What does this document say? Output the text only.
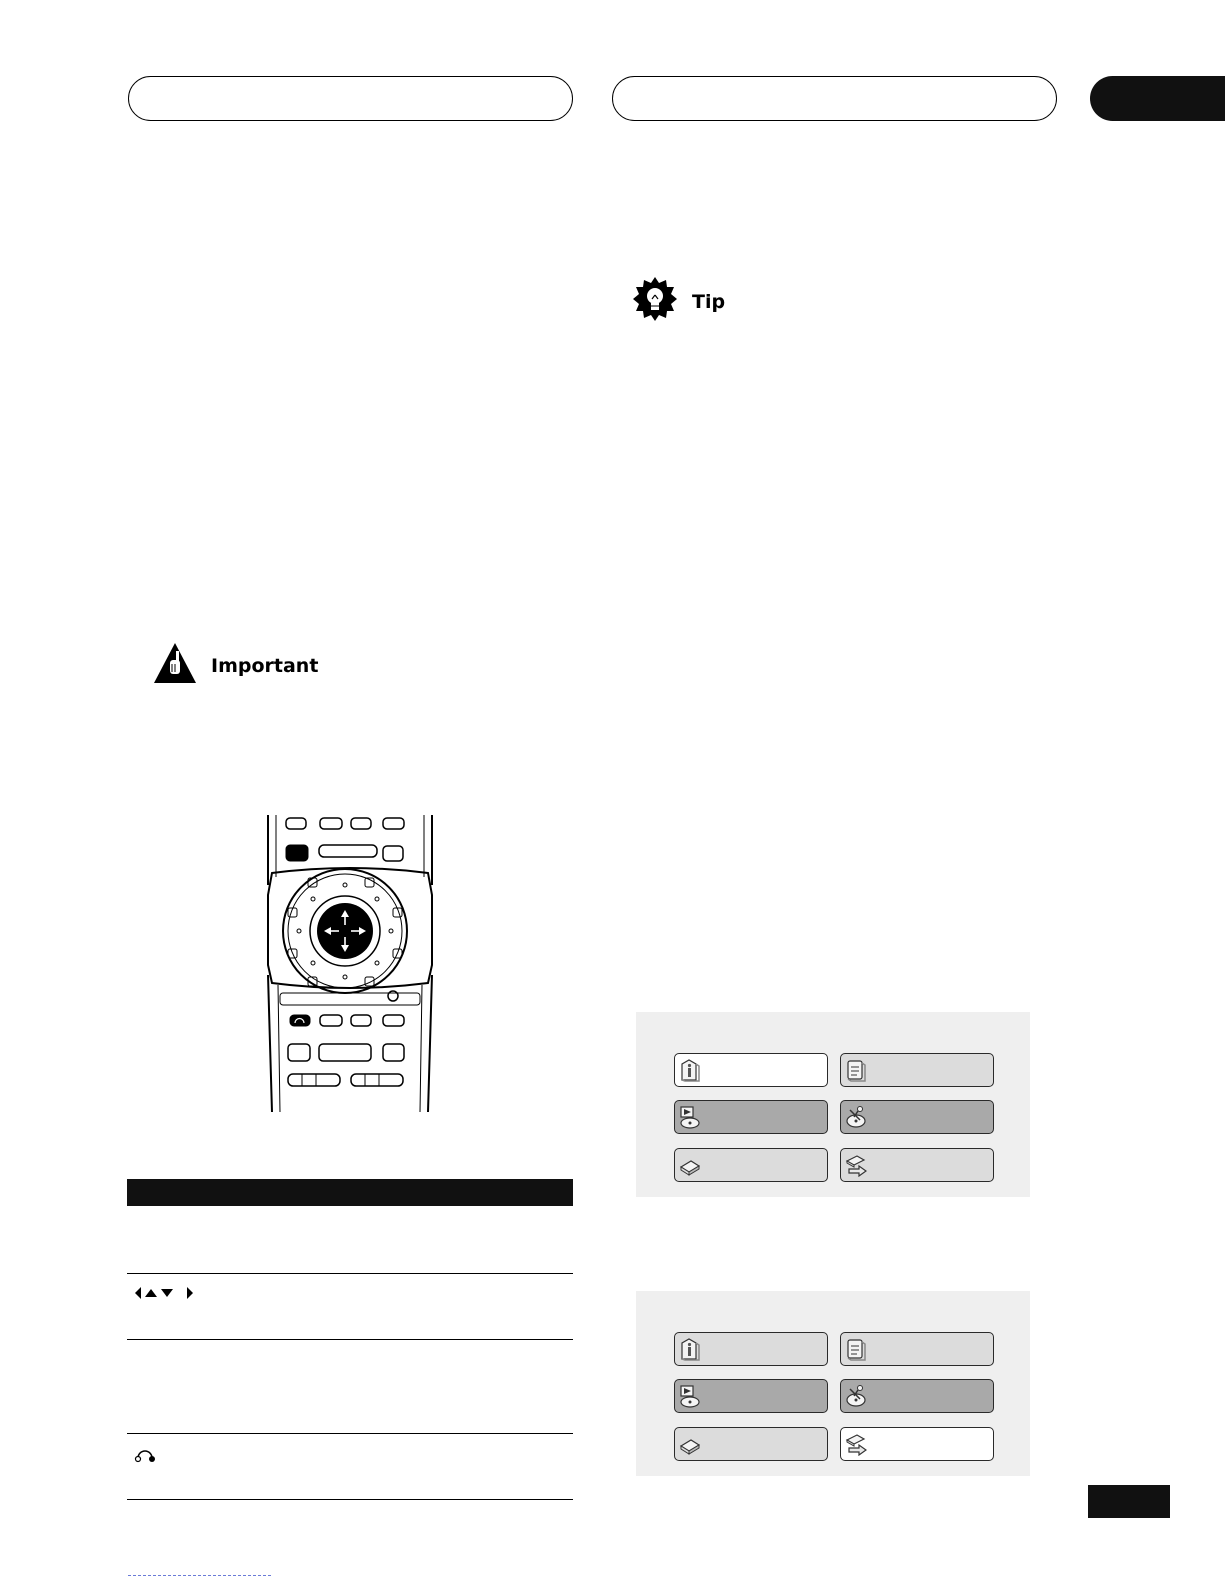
Tip
Important
